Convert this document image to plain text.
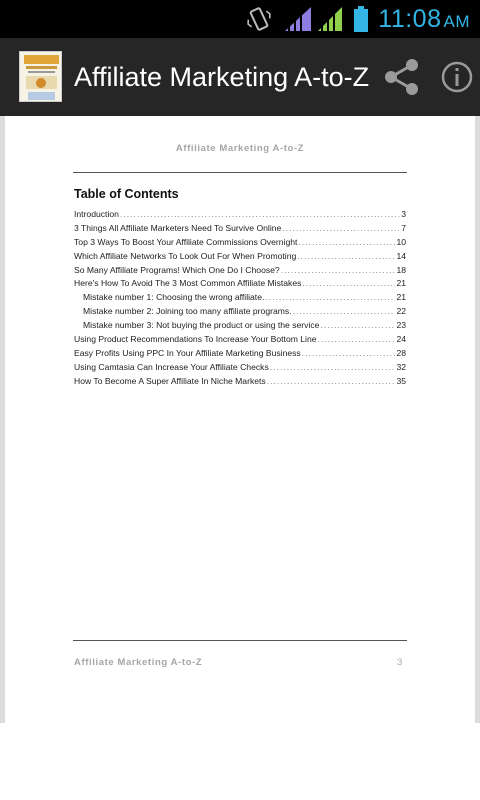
11:08 AM
Affiliate Marketing A-to-Z
Affiliate Marketing A-to-Z
Table of Contents
Introduction .....	3
3 Things All Affiliate Marketers Need To Survive Online .....	7
Top 3 Ways To Boost Your Affiliate Commissions Overnight .....	10
Which Affiliate Networks To Look Out For When Promoting .....	14
So Many Affiliate Programs! Which One Do I Choose? .....	18
Here's How To Avoid The 3 Most Common Affiliate Mistakes .....	21
Mistake number 1: Choosing the wrong affiliate. .....	21
Mistake number 2: Joining too many affiliate programs. .....	22
Mistake number 3: Not buying the product or using the service .....	23
Using Product Recommendations To Increase Your Bottom Line .....	24
Easy Profits Using PPC In Your Affiliate Marketing Business .....	28
Using Camtasia Can Increase Your Affiliate Checks .....	32
How To Become A Super Affiliate In Niche Markets .....	35
Affiliate Marketing A-to-Z	3
